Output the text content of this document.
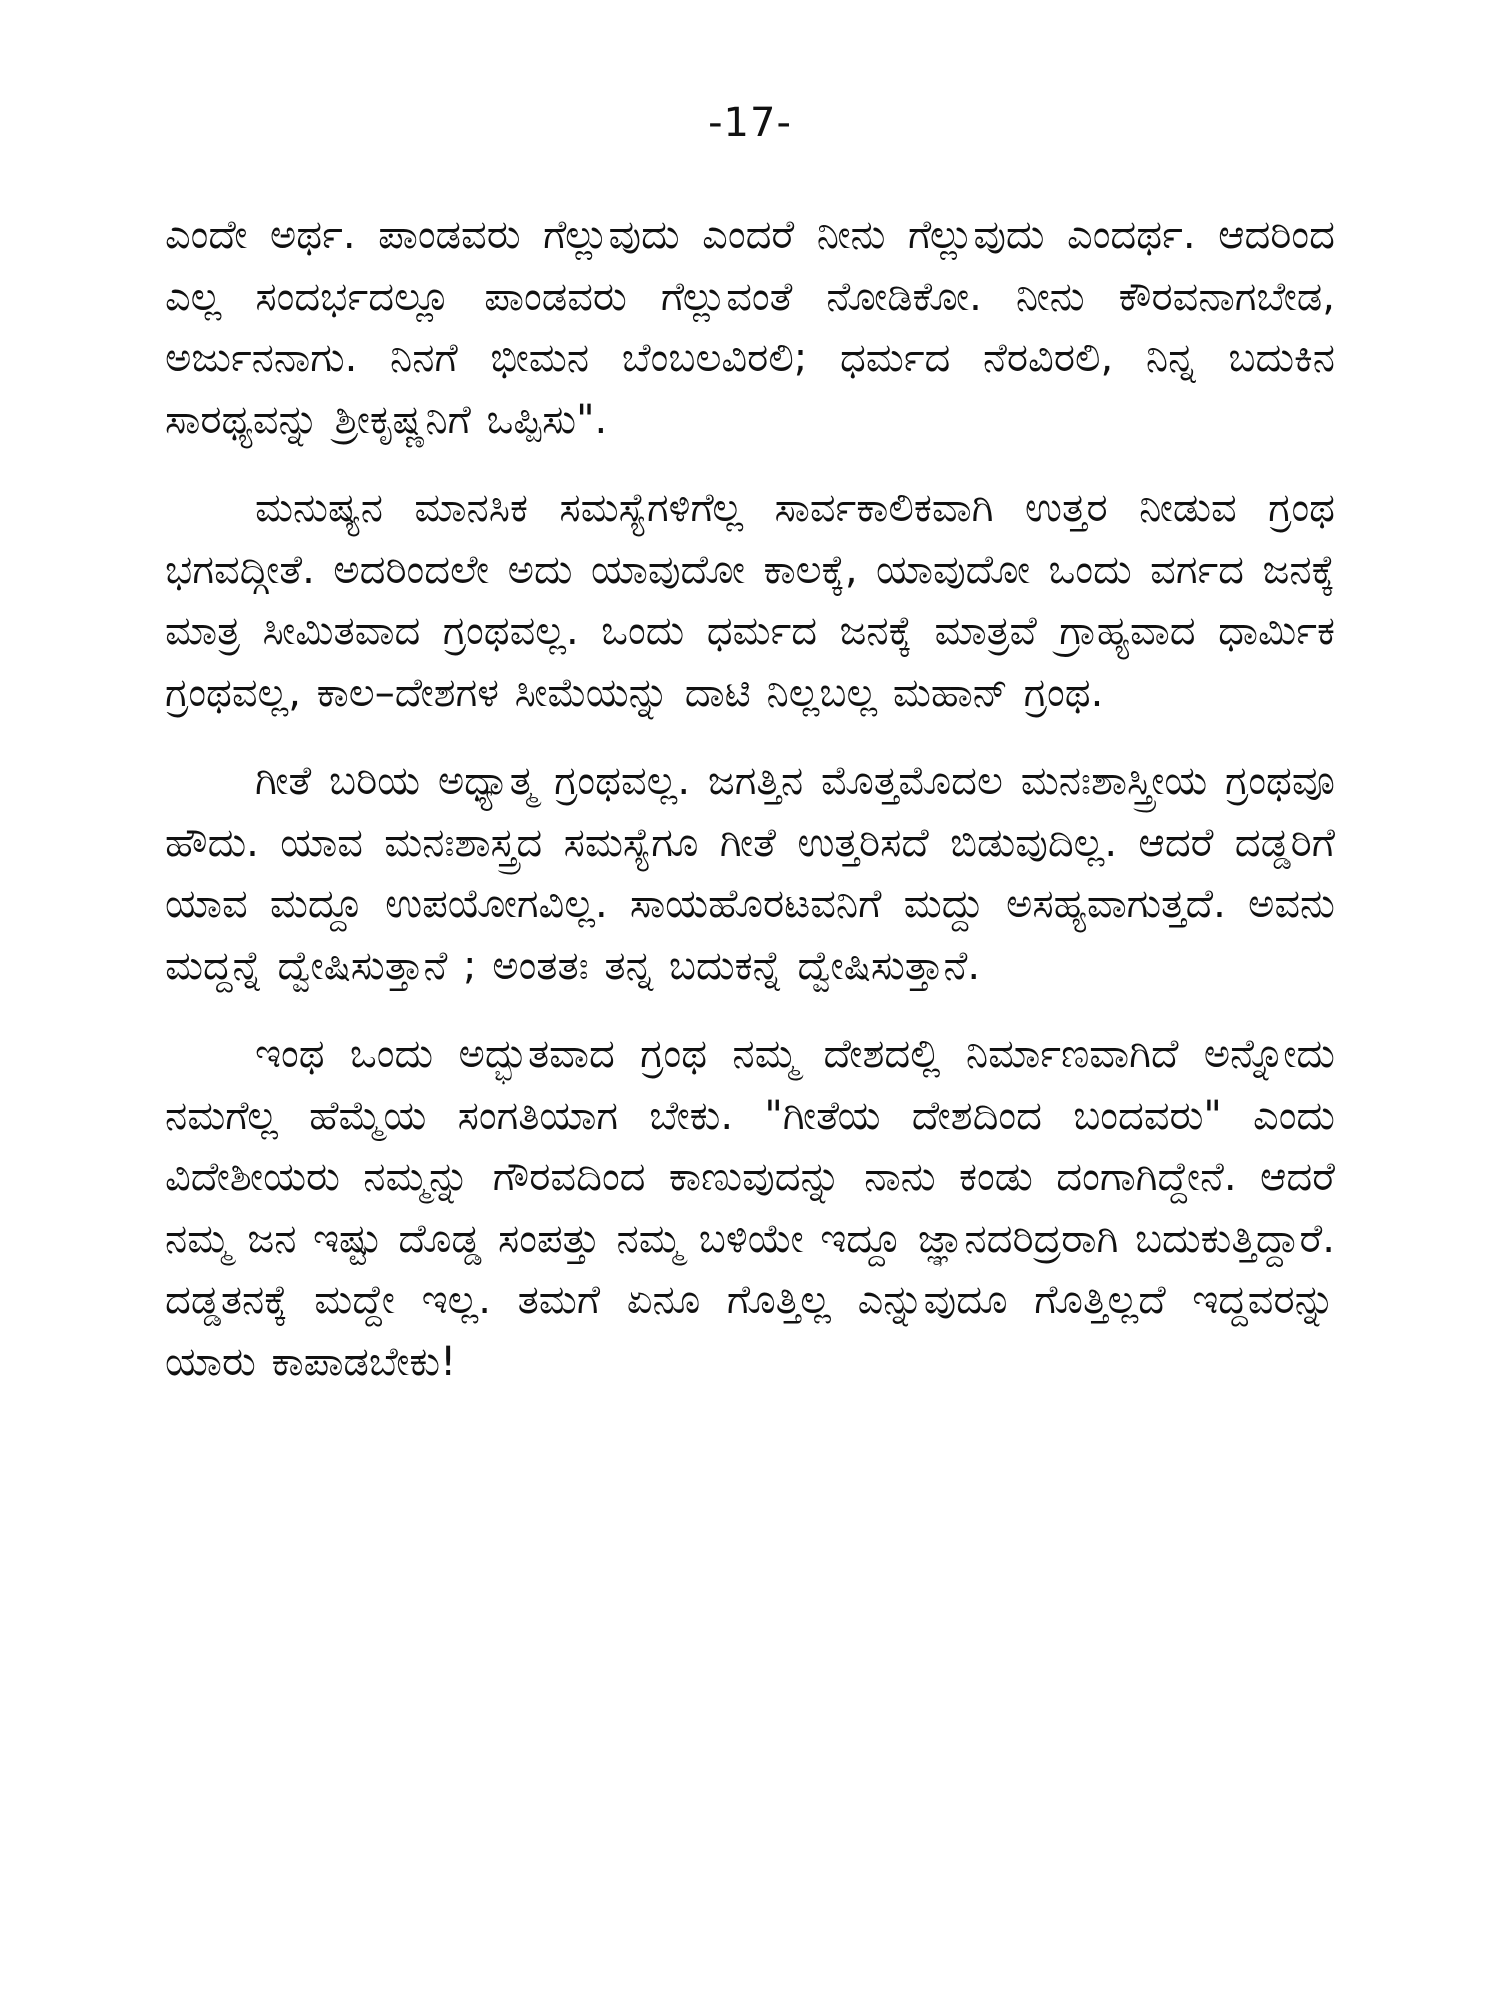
-17-

ಎಂದೇ ಅರ್ಥ. ಪಾಂಡವರು ಗೆಲ್ಲುವುದು ಎಂದರೆ ನೀನು ಗೆಲ್ಲುವುದು ಎಂದರ್ಥ. ಆದರಿಂದ ಎಲ್ಲ ಸಂದರ್ಭದಲ್ಲೂ ಪಾಂಡವರು ಗೆಲ್ಲುವಂತೆ ನೋಡಿಕೋ. ನೀನು ಕೌರವನಾಗಬೇಡ, ಅರ್ಜುನನಾಗು. ನಿನಗೆ ಭೀಮನ ಬೆಂಬಲವಿರಲಿ; ಧರ್ಮದ ನೆರವಿರಲಿ, ನಿನ್ನ ಬದುಕಿನ ಸಾರಥ್ಯವನ್ನು ಶ್ರೀಕೃಷ್ಣನಿಗೆ ಒಪ್ಪಿಸು".

ಮನುಷ್ಯನ ಮಾನಸಿಕ ಸಮಸ್ಯೆಗಳಿಗೆಲ್ಲ ಸಾರ್ವಕಾಲಿಕವಾಗಿ ಉತ್ತರ ನೀಡುವ ಗ್ರಂಥ ಭಗವದ್ಗೀತೆ. ಅದರಿಂದಲೇ ಅದು ಯಾವುದೋ ಕಾಲಕ್ಕೆ, ಯಾವುದೋ ಒಂದು ವರ್ಗದ ಜನಕ್ಕೆ ಮಾತ್ರ ಸೀಮಿತವಾದ ಗ್ರಂಥವಲ್ಲ. ಒಂದು ಧರ್ಮದ ಜನಕ್ಕೆ ಮಾತ್ರವೆ ಗ್ರಾಹ್ಯವಾದ ಧಾರ್ಮಿಕ ಗ್ರಂಥವಲ್ಲ, ಕಾಲ–ದೇಶಗಳ ಸೀಮೆಯನ್ನು ದಾಟಿ ನಿಲ್ಲಬಲ್ಲ ಮಹಾನ್ ಗ್ರಂಥ.

ಗೀತೆ ಬರಿಯ ಅಧ್ಯಾತ್ಮ ಗ್ರಂಥವಲ್ಲ. ಜಗತ್ತಿನ ಮೊತ್ತಮೊದಲ ಮನಃಶಾಸ್ತ್ರೀಯ ಗ್ರಂಥವೂ ಹೌದು. ಯಾವ ಮನಃಶಾಸ್ತ್ರದ ಸಮಸ್ಯೆಗೂ ಗೀತೆ ಉತ್ತರಿಸದೆ ಬಿಡುವುದಿಲ್ಲ. ಆದರೆ ದಡ್ಡರಿಗೆ ಯಾವ ಮದ್ದೂ ಉಪಯೋಗವಿಲ್ಲ. ಸಾಯಹೊರಟವನಿಗೆ ಮದ್ದು ಅಸಹ್ಯವಾಗುತ್ತದೆ. ಅವನು ಮದ್ದನ್ನೆ ದ್ವೇಷಿಸುತ್ತಾನೆ ; ಅಂತತಃ ತನ್ನ ಬದುಕನ್ನೆ ದ್ವೇಷಿಸುತ್ತಾನೆ.

ಇಂಥ ಒಂದು ಅದ್ಭುತವಾದ ಗ್ರಂಥ ನಮ್ಮ ದೇಶದಲ್ಲಿ ನಿರ್ಮಾಣವಾಗಿದೆ ಅನ್ನೋದು ನಮಗೆಲ್ಲ ಹೆಮ್ಮೆಯ ಸಂಗತಿಯಾಗ ಬೇಕು. "ಗೀತೆಯ ದೇಶದಿಂದ ಬಂದವರು" ಎಂದು ವಿದೇಶೀಯರು ನಮ್ಮನ್ನು ಗೌರವದಿಂದ ಕಾಣುವುದನ್ನು ನಾನು ಕಂಡು ದಂಗಾಗಿದ್ದೇನೆ. ಆದರೆ ನಮ್ಮ ಜನ ಇಷ್ಟು ದೊಡ್ಡ ಸಂಪತ್ತು ನಮ್ಮ ಬಳಿಯೇ ಇದ್ದೂ ಜ್ಞಾನದರಿದ್ರರಾಗಿ ಬದುಕುತ್ತಿದ್ದಾರೆ. ದಡ್ಡತನಕ್ಕೆ ಮದ್ದೇ ಇಲ್ಲ. ತಮಗೆ ಏನೂ ಗೊತ್ತಿಲ್ಲ ಎನ್ನುವುದೂ ಗೊತ್ತಿಲ್ಲದೆ ಇದ್ದವರನ್ನು ಯಾರು ಕಾಪಾಡಬೇಕು!
